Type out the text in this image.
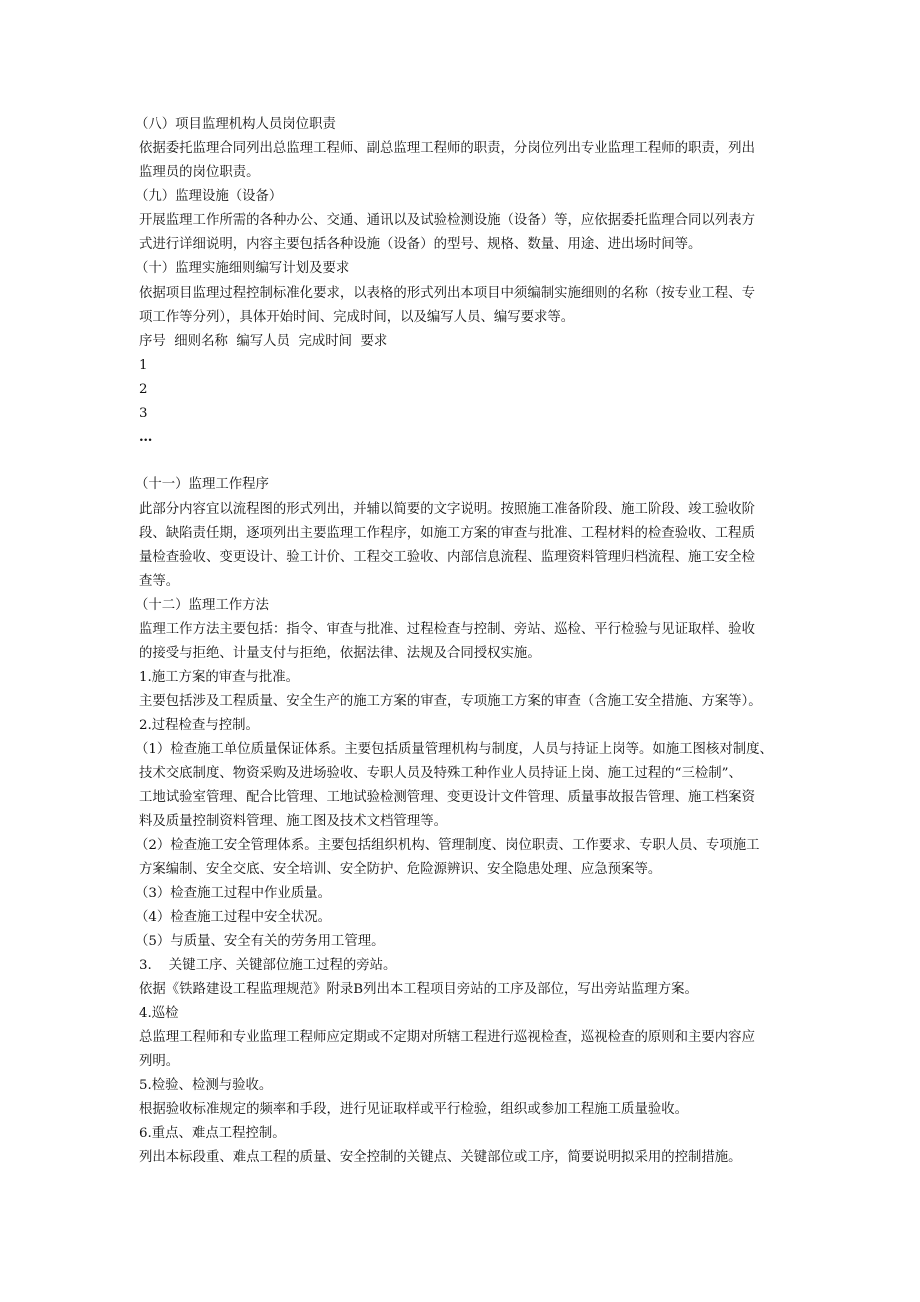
（八）项目监理机构人员岗位职责
依据委托监理合同列出总监理工程师、副总监理工程师的职责，分岗位列出专业监理工程师的职责，列出
监理员的岗位职责。
（九）监理设施（设备）
开展监理工作所需的各种办公、交通、通讯以及试验检测设施（设备）等，应依据委托监理合同以列表方
式进行详细说明，内容主要包括各种设施（设备）的型号、规格、数量、用途、进出场时间等。
（十）监理实施细则编写计划及要求
依据项目监理过程控制标准化要求，以表格的形式列出本项目中须编制实施细则的名称（按专业工程、专
项工作等分列），具体开始时间、完成时间，以及编写人员、编写要求等。
序号  细则名称  编写人员  完成时间  要求
1
2
3
…
（十一）监理工作程序
此部分内容宜以流程图的形式列出，并辅以简要的文字说明。按照施工准备阶段、施工阶段、竣工验收阶
段、缺陷责任期，逐项列出主要监理工作程序，如施工方案的审查与批准、工程材料的检查验收、工程质
量检查验收、变更设计、验工计价、工程交工验收、内部信息流程、监理资料管理归档流程、施工安全检
查等。
（十二）监理工作方法
监理工作方法主要包括：指令、审查与批准、过程检查与控制、旁站、巡检、平行检验与见证取样、验收
的接受与拒绝、计量支付与拒绝，依据法律、法规及合同授权实施。
1.施工方案的审查与批准。
主要包括涉及工程质量、安全生产的施工方案的审查，专项施工方案的审查（含施工安全措施、方案等）。
2.过程检查与控制。
（1）检查施工单位质量保证体系。主要包括质量管理机构与制度，人员与持证上岗等。如施工图核对制度、
技术交底制度、物资采购及进场验收、专职人员及特殊工种作业人员持证上岗、施工过程的“三检制”、
工地试验室管理、配合比管理、工地试验检测管理、变更设计文件管理、质量事故报告管理、施工档案资
料及质量控制资料管理、施工图及技术文档管理等。
（2）检查施工安全管理体系。主要包括组织机构、管理制度、岗位职责、工作要求、专职人员、专项施工
方案编制、安全交底、安全培训、安全防护、危险源辨识、安全隐患处理、应急预案等。
（3）检查施工过程中作业质量。
（4）检查施工过程中安全状况。
（5）与质量、安全有关的劳务用工管理。
3.    关键工序、关键部位施工过程的旁站。
依据《铁路建设工程监理规范》附录B列出本工程项目旁站的工序及部位，写出旁站监理方案。
4.巡检
总监理工程师和专业监理工程师应定期或不定期对所辖工程进行巡视检查，巡视检查的原则和主要内容应
列明。
5.检验、检测与验收。
根据验收标准规定的频率和手段，进行见证取样或平行检验，组织或参加工程施工质量验收。
6.重点、难点工程控制。
列出本标段重、难点工程的质量、安全控制的关键点、关键部位或工序，简要说明拟采用的控制措施。
